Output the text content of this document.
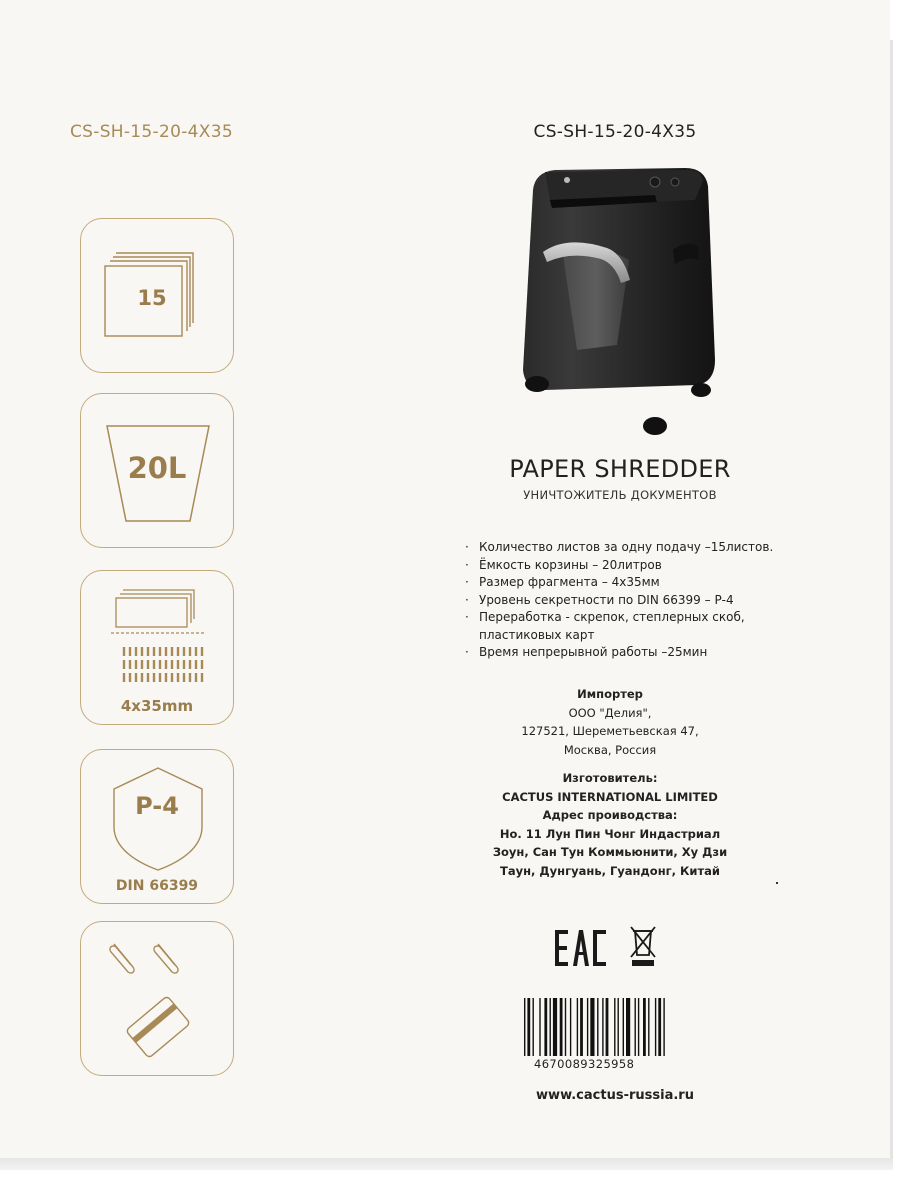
CS-SH-15-20-4X35	CS-SH-15-20-4X35
15
20L
4x35mm
P-4
DIN 66399
PAPER SHREDDER
УНИЧТОЖИТЕЛЬ ДОКУМЕНТОВ
· Количество листов за одну подачу –15листов.
· Ёмкость корзины – 20литров
· Размер фрагмента – 4х35мм
· Уровень секретности по DIN 66399 – Р-4
· Переработка - скрепок, степлерных скоб, пластиковых карт
· Время непрерывной работы –25мин
Импортер
ООО "Делия",
127521, Шереметьевская 47,
Москва, Россия
Изготовитель:
CACTUS INTERNATIONAL LIMITED
Адрес проиводства:
Но. 11 Лун Пин Чонг Индастриал
Зоун, Сан Тун Коммьюнити, Ху Дзи
Таун, Дунгуань, Гуандонг, Китай
4670089325958
www.cactus-russia.ru
